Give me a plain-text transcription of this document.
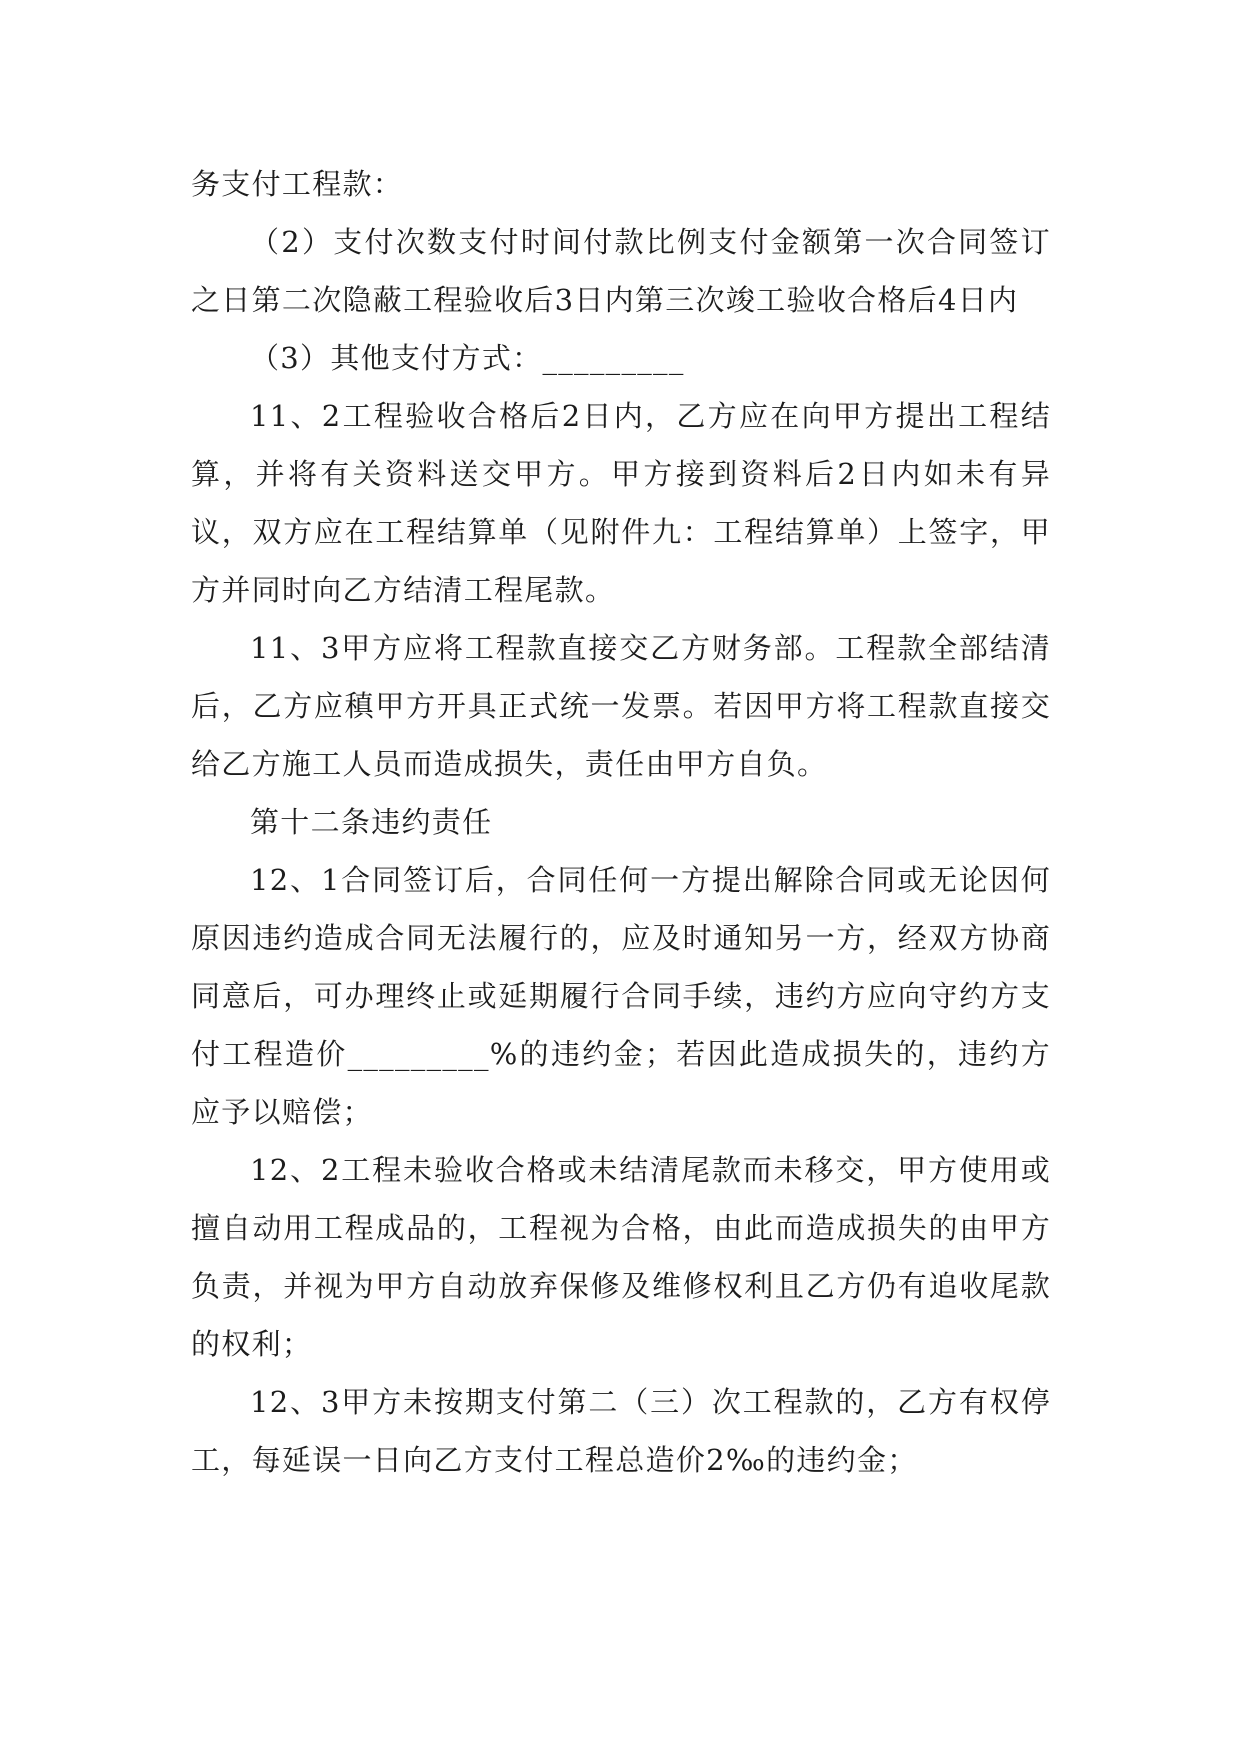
务支付工程款：

（2）支付次数支付时间付款比例支付金额第一次合同签订之日第二次隐蔽工程验收后3日内第三次竣工验收合格后4日内

（3）其他支付方式：_________

11、2工程验收合格后2日内，乙方应在向甲方提出工程结算，并将有关资料送交甲方。甲方接到资料后2日内如未有异议，双方应在工程结算单（见附件九：工程结算单）上签字，甲方并同时向乙方结清工程尾款。

11、3甲方应将工程款直接交乙方财务部。工程款全部结清后，乙方应稹甲方开具正式统一发票。若因甲方将工程款直接交给乙方施工人员而造成损失，责任由甲方自负。

第十二条违约责任

12、1合同签订后，合同任何一方提出解除合同或无论因何原因违约造成合同无法履行的，应及时通知另一方，经双方协商同意后，可办理终止或延期履行合同手续，违约方应向守约方支付工程造价_________%的违约金；若因此造成损失的，违约方应予以赔偿；

12、2工程未验收合格或未结清尾款而未移交，甲方使用或擅自动用工程成品的，工程视为合格，由此而造成损失的由甲方负责，并视为甲方自动放弃保修及维修权利且乙方仍有追收尾款的权利；

12、3甲方未按期支付第二（三）次工程款的，乙方有权停工，每延误一日向乙方支付工程总造价2‰的违约金；
